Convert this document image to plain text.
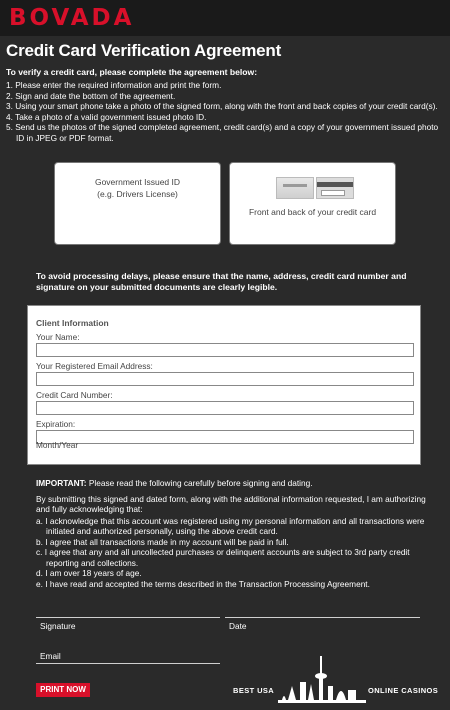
BOVADA
Credit Card Verification Agreement
To verify a credit card, please complete the agreement below:
1. Please enter the required information and print the form.
2. Sign and date the bottom of the agreement.
3. Using your smart phone take a photo of the signed form, along with the front and back copies of your credit card(s).
4. Take a photo of a valid government issued photo ID.
5. Send us the photos of the signed completed agreement, credit card(s) and a copy of your government issued photo ID in JPEG or PDF format.
Government Issued ID
(e.g. Drivers License)
Front and back of your credit card
To avoid processing delays, please ensure that the name, address, credit card number and signature on your submitted documents are clearly legible.
Client Information
Your Name:
Your Registered Email Address:
Credit Card Number:
Expiration:
Month/Year
IMPORTANT: Please read the following carefully before signing and dating.
By submitting this signed and dated form, along with the additional information requested, I am authorizing and fully acknowledging that:
a. I acknowledge that this account was registered using my personal information and all transactions were initiated and authorized personally, using the above credit card.
b. I agree that all transactions made in my account will be paid in full.
c. I agree that any and all uncollected purchases or delinquent accounts are subject to 3rd party credit reporting and collections.
d. I am over 18 years of age.
e. I have read and accepted the terms described in the Transaction Processing Agreement.
Signature	Date
Email
PRINT NOW	BEST USA	ONLINE CASINOS
